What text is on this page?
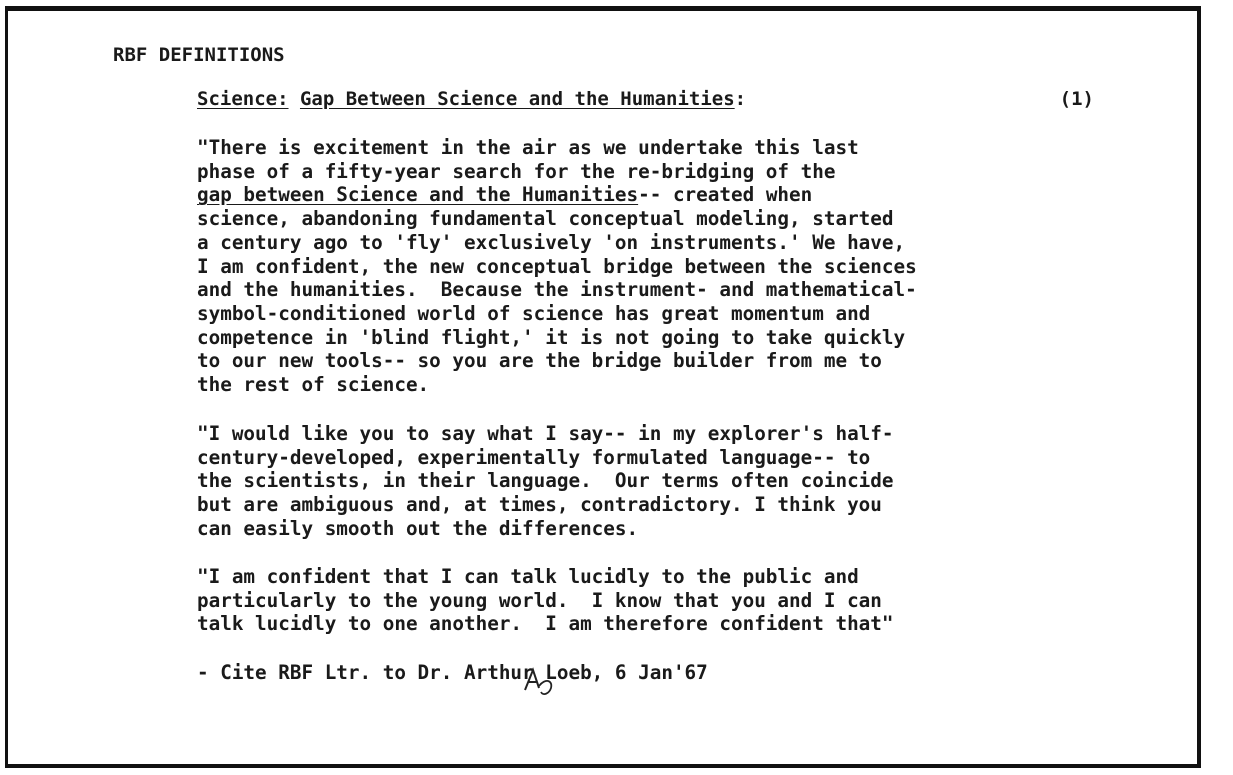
RBF DEFINITIONS
Science: Gap Between Science and the Humanities:	(1)
"There is excitement in the air as we undertake this last
phase of a fifty-year search for the re-bridging of the
gap between Science and the Humanities-- created when
science, abandoning fundamental conceptual modeling, started
a century ago to 'fly' exclusively 'on instruments.' We have,
I am confident, the new conceptual bridge between the sciences
and the humanities.  Because the instrument- and mathematical-
symbol-conditioned world of science has great momentum and
competence in 'blind flight,' it is not going to take quickly
to our new tools-- so you are the bridge builder from me to
the rest of science.
"I would like you to say what I say-- in my explorer's half-
century-developed, experimentally formulated language-- to
the scientists, in their language.  Our terms often coincide
but are ambiguous and, at times, contradictory. I think you
can easily smooth out the differences.
"I am confident that I can talk lucidly to the public and
particularly to the young world.  I know that you and I can
talk lucidly to one another.  I am therefore confident that"
- Cite RBF Ltr. to Dr. Arthur Loeb, 6 Jan'67
